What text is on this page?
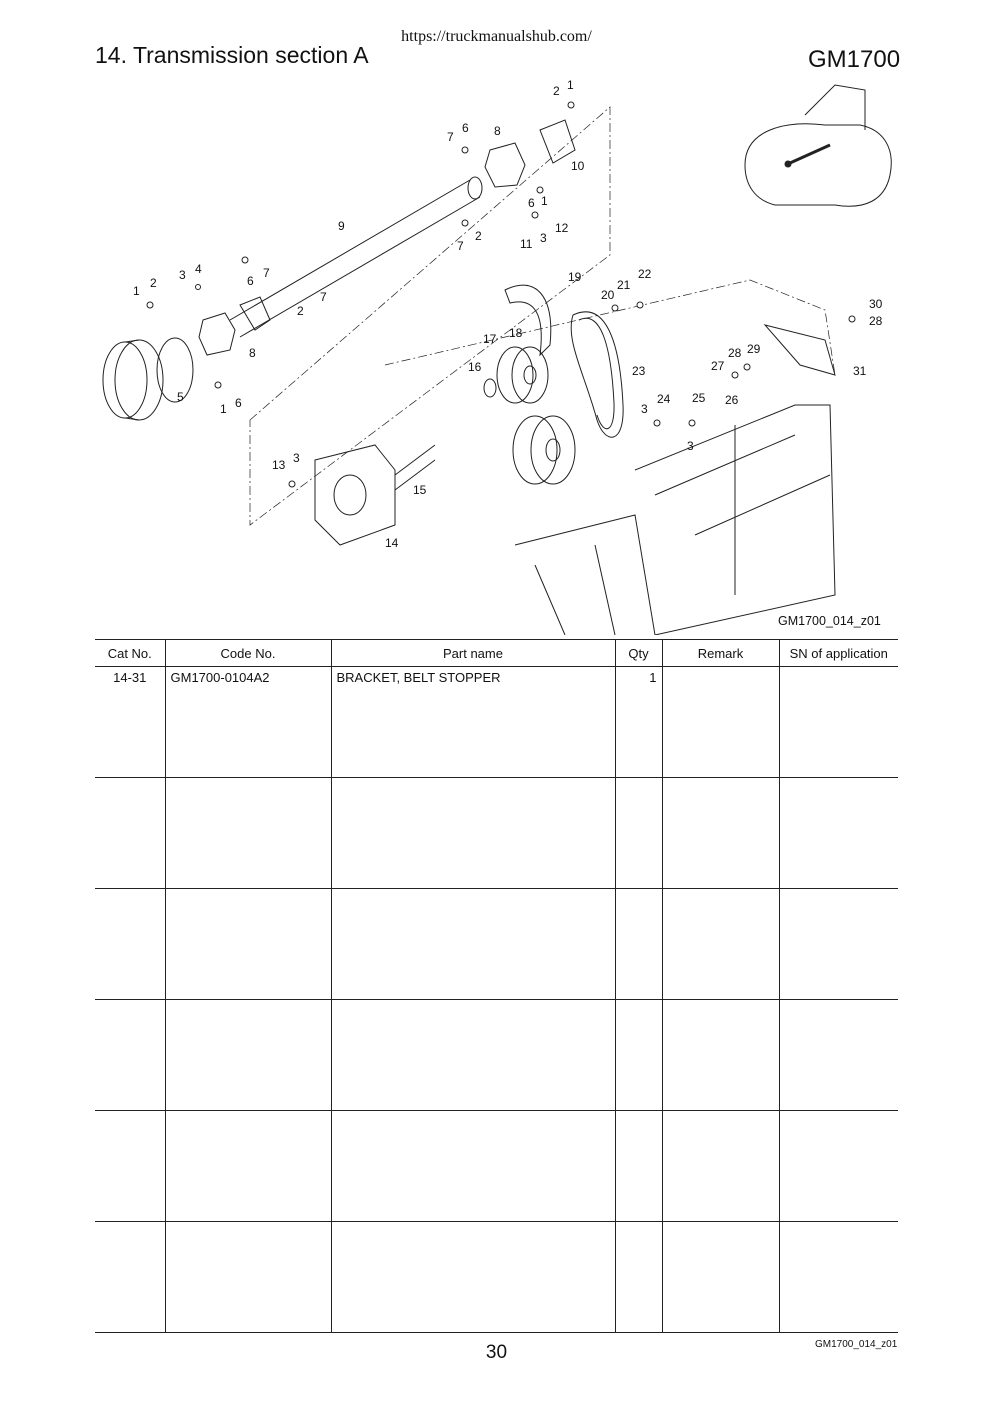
https://truckmanualshub.com/
14. Transmission section A	GM1700
1
2
3 4
5	6
1
6
7
7
2
8
9
7
6 8
2 1
10
6 1
7
2
11 3
12
19
20
21
22
17 18
16	23
3
24 25 26
3
27
28 29
30
28
31
13 3
15
14
GM1700_014_z01
Cat No.	Code No.	Part name	Qty	Remark	SN of application
14-31	GM1700-0104A2	BRACKET, BELT STOPPER	1		

30	GM1700_014_z01
